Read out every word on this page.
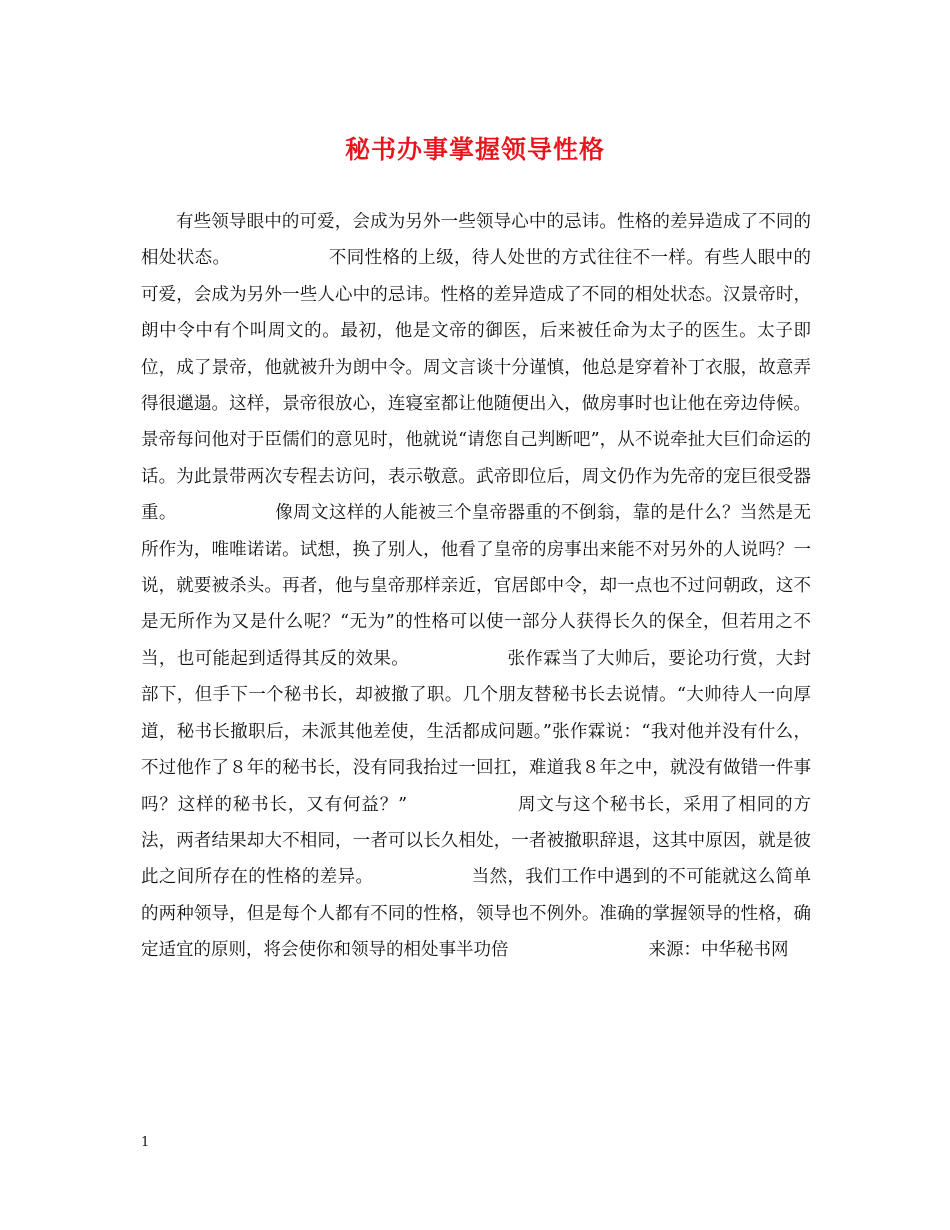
秘书办事掌握领导性格

有些领导眼中的可爱，会成为另外一些领导心中的忌讳。性格的差异造成了不同的相处状态。　　　　　　不同性格的上级，待人处世的方式往往不一样。有些人眼中的可爱，会成为另外一些人心中的忌讳。性格的差异造成了不同的相处状态。汉景帝时，朗中令中有个叫周文的。最初，他是文帝的御医，后来被任命为太子的医生。太子即位，成了景帝，他就被升为朗中令。周文言谈十分谨慎，他总是穿着补丁衣服，故意弄得很邋遢。这样，景帝很放心，连寝室都让他随便出入，做房事时也让他在旁边侍候。景帝每问他对于臣儒们的意见时，他就说“请您自己判断吧”，从不说牵扯大巨们命运的话。为此景带两次专程去访问，表示敬意。武帝即位后，周文仍作为先帝的宠巨很受器重。　　　　　　像周文这样的人能被三个皇帝器重的不倒翁，靠的是什么？当然是无所作为，唯唯诺诺。试想，换了别人，他看了皇帝的房事出来能不对另外的人说吗？一说，就要被杀头。再者，他与皇帝那样亲近，官居郎中令，却一点也不过问朝政，这不是无所作为又是什么呢？“无为”的性格可以使一部分人获得长久的保全，但若用之不当，也可能起到适得其反的效果。　　　　　　张作霖当了大帅后，要论功行赏，大封部下，但手下一个秘书长，却被撤了职。几个朋友替秘书长去说情。“大帅待人一向厚道，秘书长撤职后，未派其他差使，生活都成问题。”张作霖说：“我对他并没有什么，不过他作了８年的秘书长，没有同我抬过一回扛，难道我８年之中，就没有做错一件事吗？这样的秘书长，又有何益？”　　　　　　周文与这个秘书长，采用了相同的方法，两者结果却大不相同，一者可以长久相处，一者被撤职辞退，这其中原因，就是彼此之间所存在的性格的差异。　　　　　　当然，我们工作中遇到的不可能就这么简单的两种领导，但是每个人都有不同的性格，领导也不例外。准确的掌握领导的性格，确定适宜的原则，将会使你和领导的相处事半功倍　　　　　　　　来源：中华秘书网

1
